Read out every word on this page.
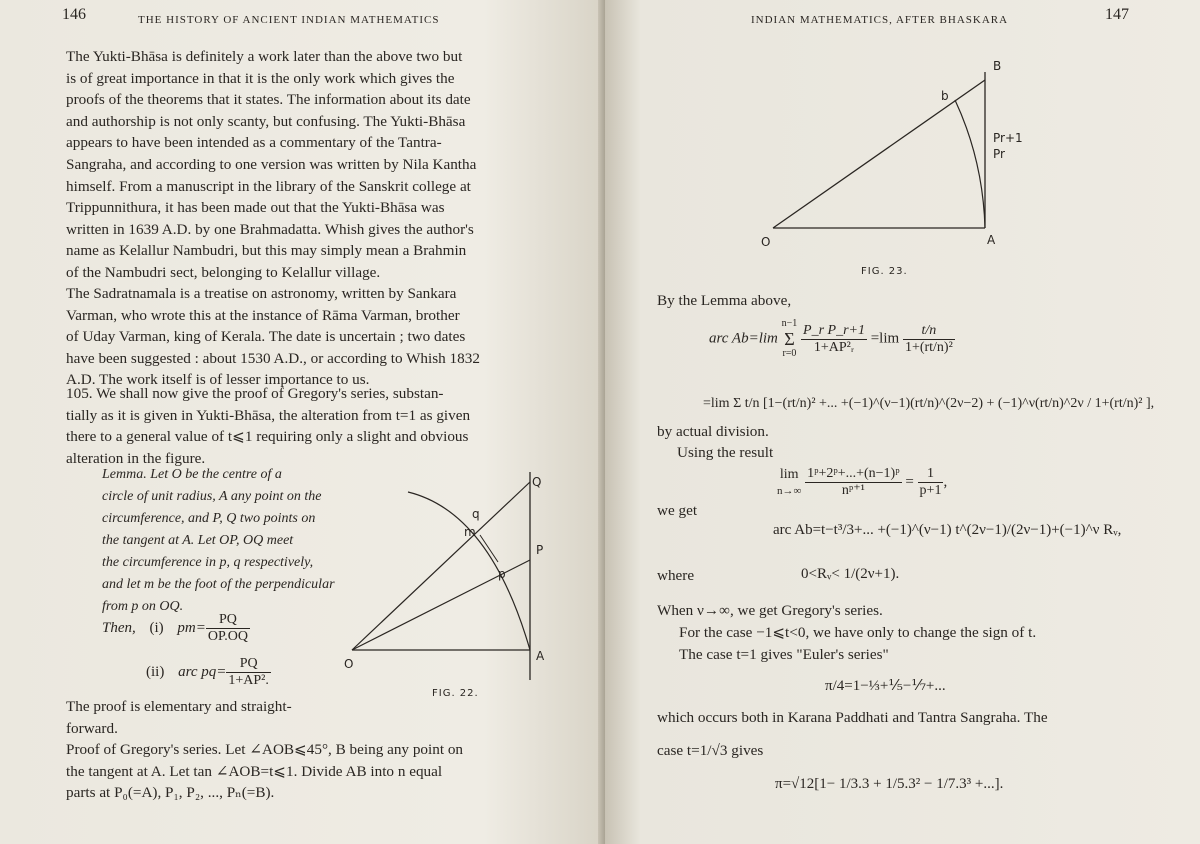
146	THE HISTORY OF ANCIENT INDIAN MATHEMATICS
The Yukti-Bhāsa is definitely a work later than the above two but
is of great importance in that it is the only work which gives the
proofs of the theorems that it states. The information about its date
and authorship is not only scanty, but confusing. The Yukti-Bhāsa
appears to have been intended as a commentary of the Tantra-
Sangraha, and according to one version was written by Nila Kantha
himself. From a manuscript in the library of the Sanskrit college at
Trippunnithura, it has been made out that the Yukti-Bhāsa was
written in 1639 A.D. by one Brahmadatta. Whish gives the author's
name as Kelallur Nambudri, but this may simply mean a Brahmin
of the Nambudri sect, belonging to Kelallur village.
The Sadratnamala is a treatise on astronomy, written by Sankara
Varman, who wrote this at the instance of Rāma Varman, brother
of Uday Varman, king of Kerala. The date is uncertain ; two dates
have been suggested : about 1530 A.D., or according to Whish 1832
A.D. The work itself is of lesser importance to us.
105. We shall now give the proof of Gregory's series, substan-
tially as it is given in Yukti-Bhāsa, the alteration from t=1 as given
there to a general value of t⩽1 requiring only a slight and obvious
alteration in the figure.
Lemma. Let O be the centre of a
circle of unit radius, A any point on the
circumference, and P, Q two points on
the tangent at A. Let OP, OQ meet
the circumference in p, q respectively,
and let m be the foot of the perpendicular
from p on OQ.
Then, (i) $pm= \frac{PQ}{OP.OQ}$
(ii) arc $pq= \frac{PQ}{\text{1+AP².}}$
The proof is elementary and straight-
forward.
Proof of Gregory's series. Let ∠AOB⩽45°, B being any point on
the tangent at A. Let tan ∠AOB=t⩽1. Divide AB into n equal
parts at P₀(=A), P₁, P₂, ..., Pₙ(=B).
Q
P
A
O
q
p
m
FIG. 22.
INDIAN MATHEMATICS, AFTER BHASKARA	147
B
b
Pr+1
Pr
O	A
FIG. 23.
By the Lemma above,
arc Ab=lim
n−1
Σ
r=0
$\frac{\text{P\_r P\_r+1}}{\text{1+AP²ᵣ}} =\lim \frac{t/n}{\text{1+(rt/n)²}}$
=lim Σ t/n [1−(rt/n)² +... +(−1)^(ν−1)(rt/n)^(2ν−2) + (−1)^ν(rt/n)^2ν / 1+(rt/n)² ],
by actual division.
Using the result
lim
n→∞
$\frac{\text{1ᵖ+2ᵖ+...+(n−1)ᵖ}}{\text{nᵖ⁺¹}} = \frac{1}{p+1}$ ,
we get
arc Ab=t−t³/3+... +(−1)^(ν−1) t^(2ν−1)/(2ν−1)+(−1)^ν Rᵥ,
where	0<Rᵥ< 1/(2ν+1).
When ν→∞, we get Gregory's series.
For the case −1⩽t<0, we have only to change the sign of t.
The case t=1 gives "Euler's series"
π/4=1−⅓+⅕−⅐+...
which occurs both in Karana Paddhati and Tantra Sangraha. The
case t=1/√3 gives
π=√12[1− 1/3.3 + 1/5.3² − 1/7.3³ +...].
